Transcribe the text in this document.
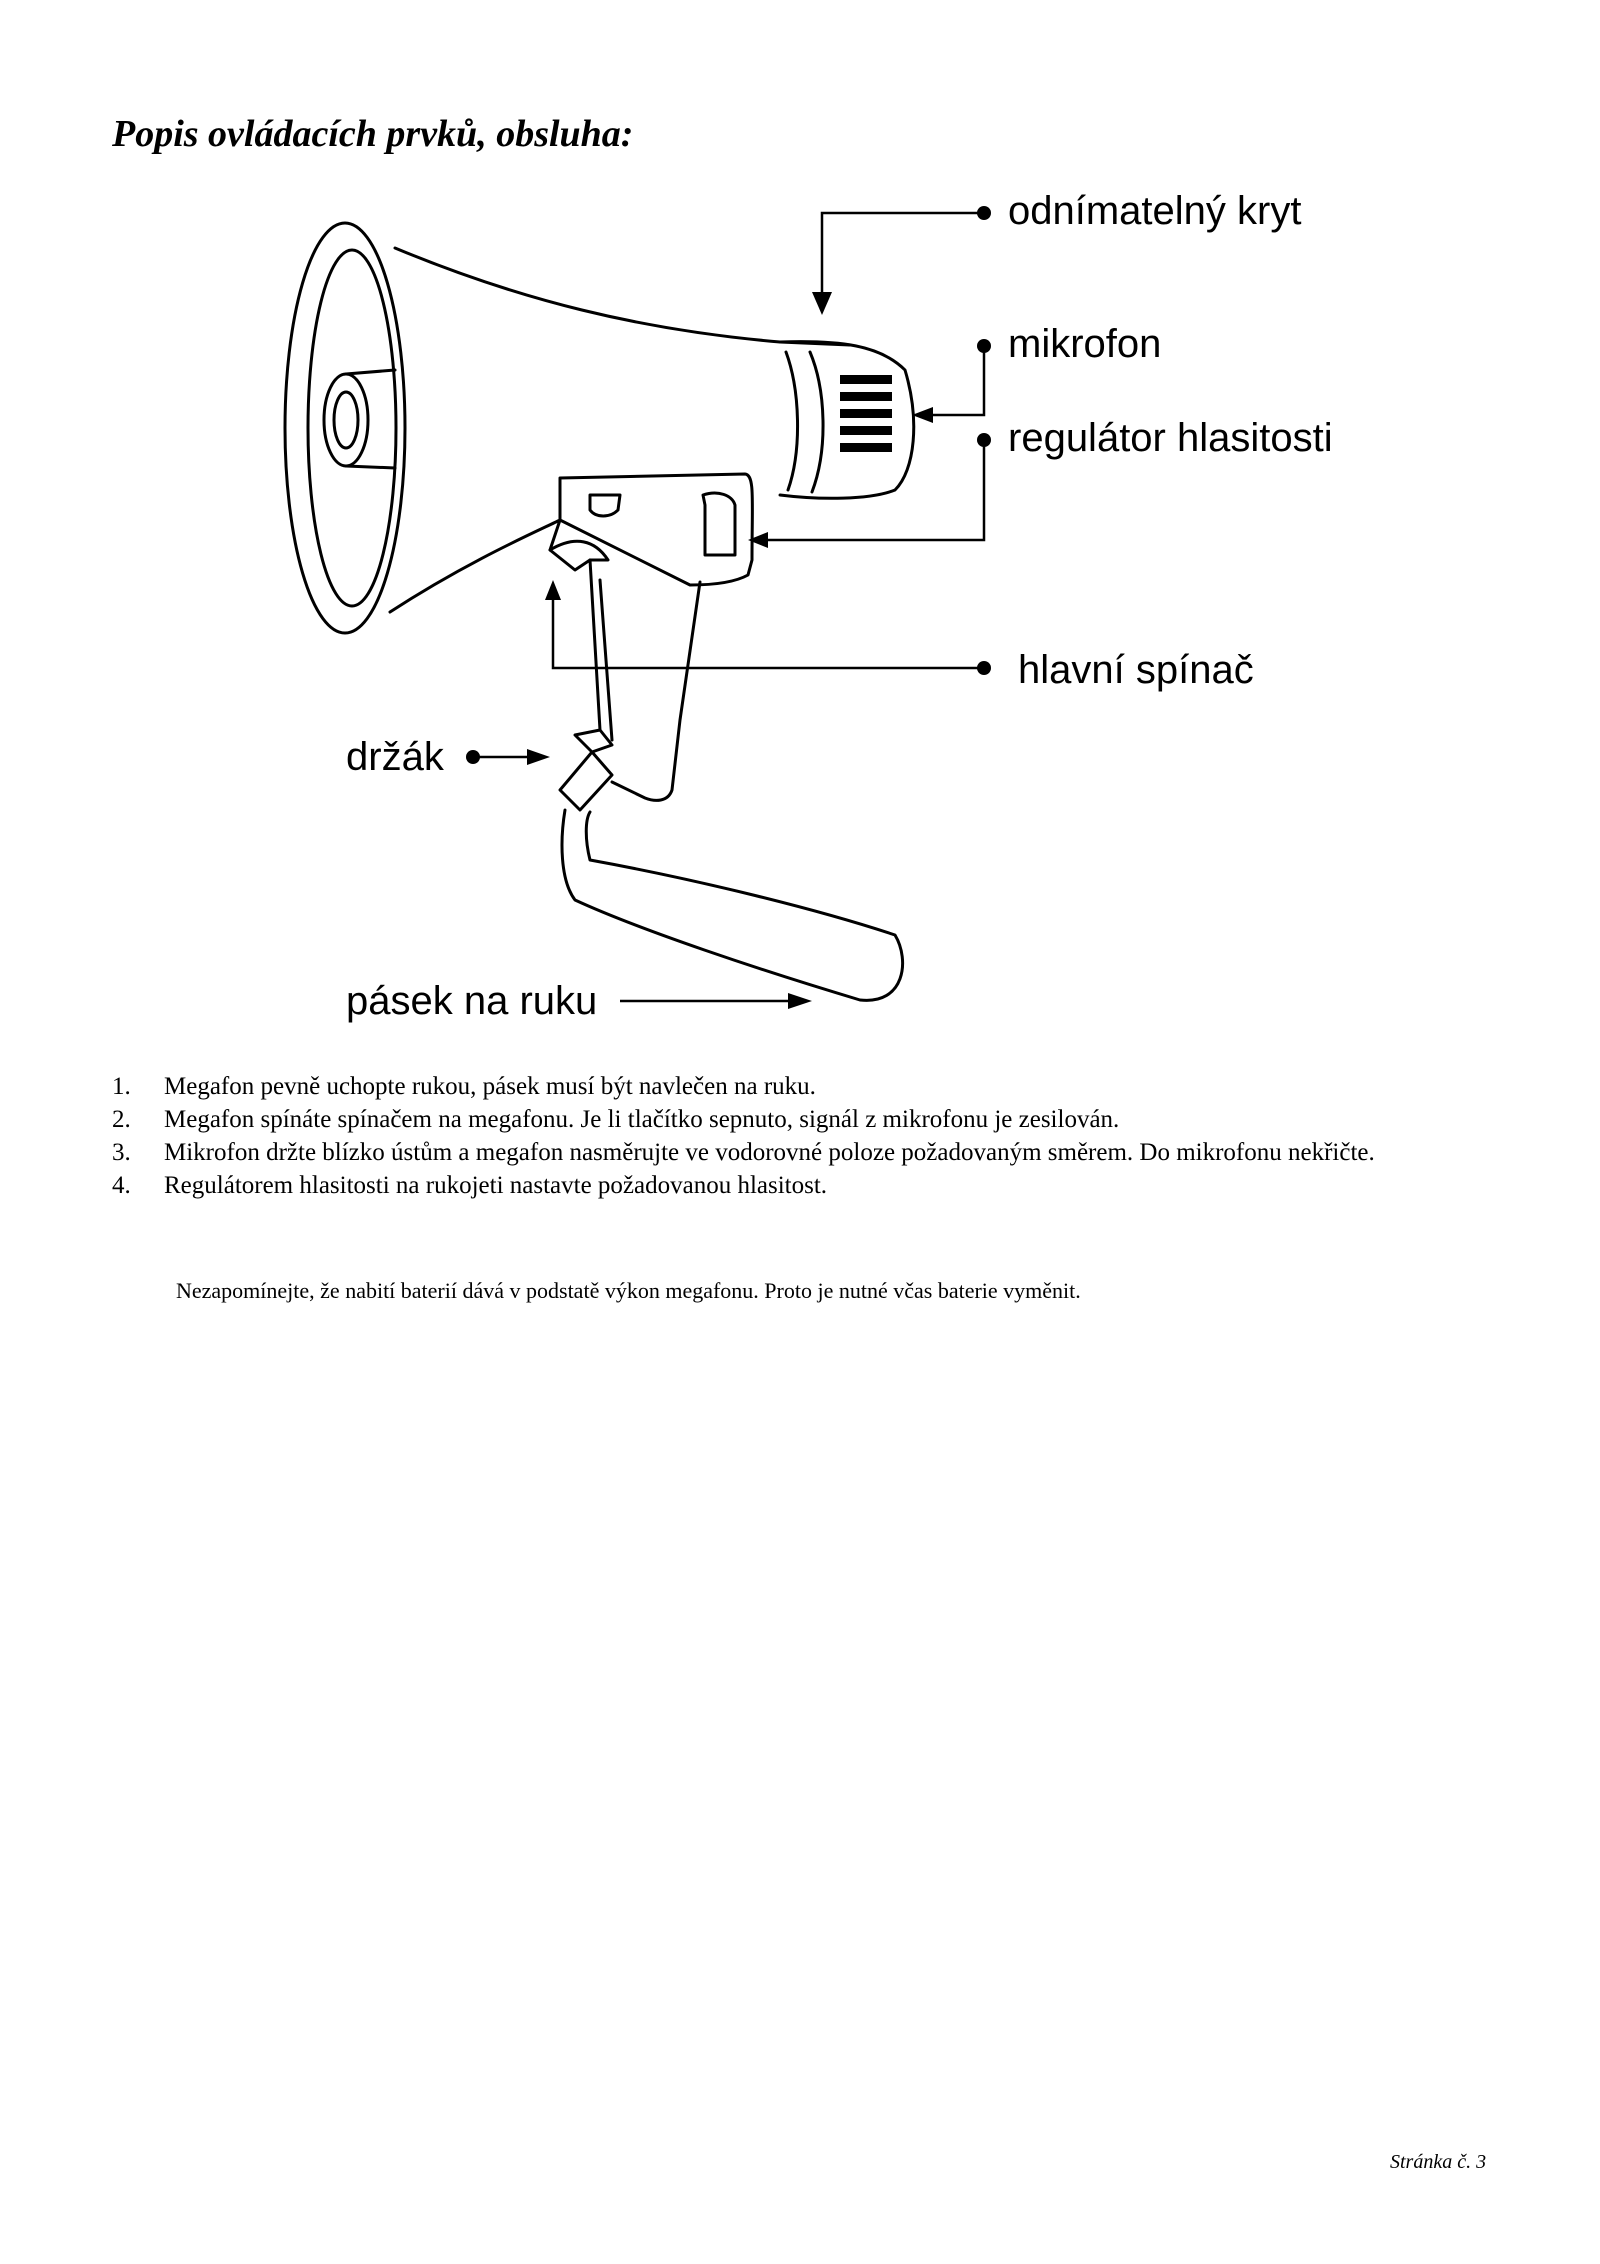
Popis ovládacích prvků, obsluha:
odnímatelný kryt
mikrofon
regulátor hlasitosti
hlavní spínač
držák
pásek na ruku
1.	Megafon pevně uchopte rukou, pásek musí být navlečen na ruku.
2.	Megafon spínáte spínačem na megafonu. Je li tlačítko sepnuto, signál z mikrofonu je zesilován.
3.	Mikrofon držte blízko ústům a megafon nasměrujte ve vodorovné poloze požadovaným směrem. Do mikrofonu nekřičte.
4.	Regulátorem hlasitosti na rukojeti nastavte požadovanou hlasitost.
Nezapomínejte, že nabití baterií dává v podstatě výkon megafonu. Proto je nutné včas baterie vyměnit.
Stránka č. 3
